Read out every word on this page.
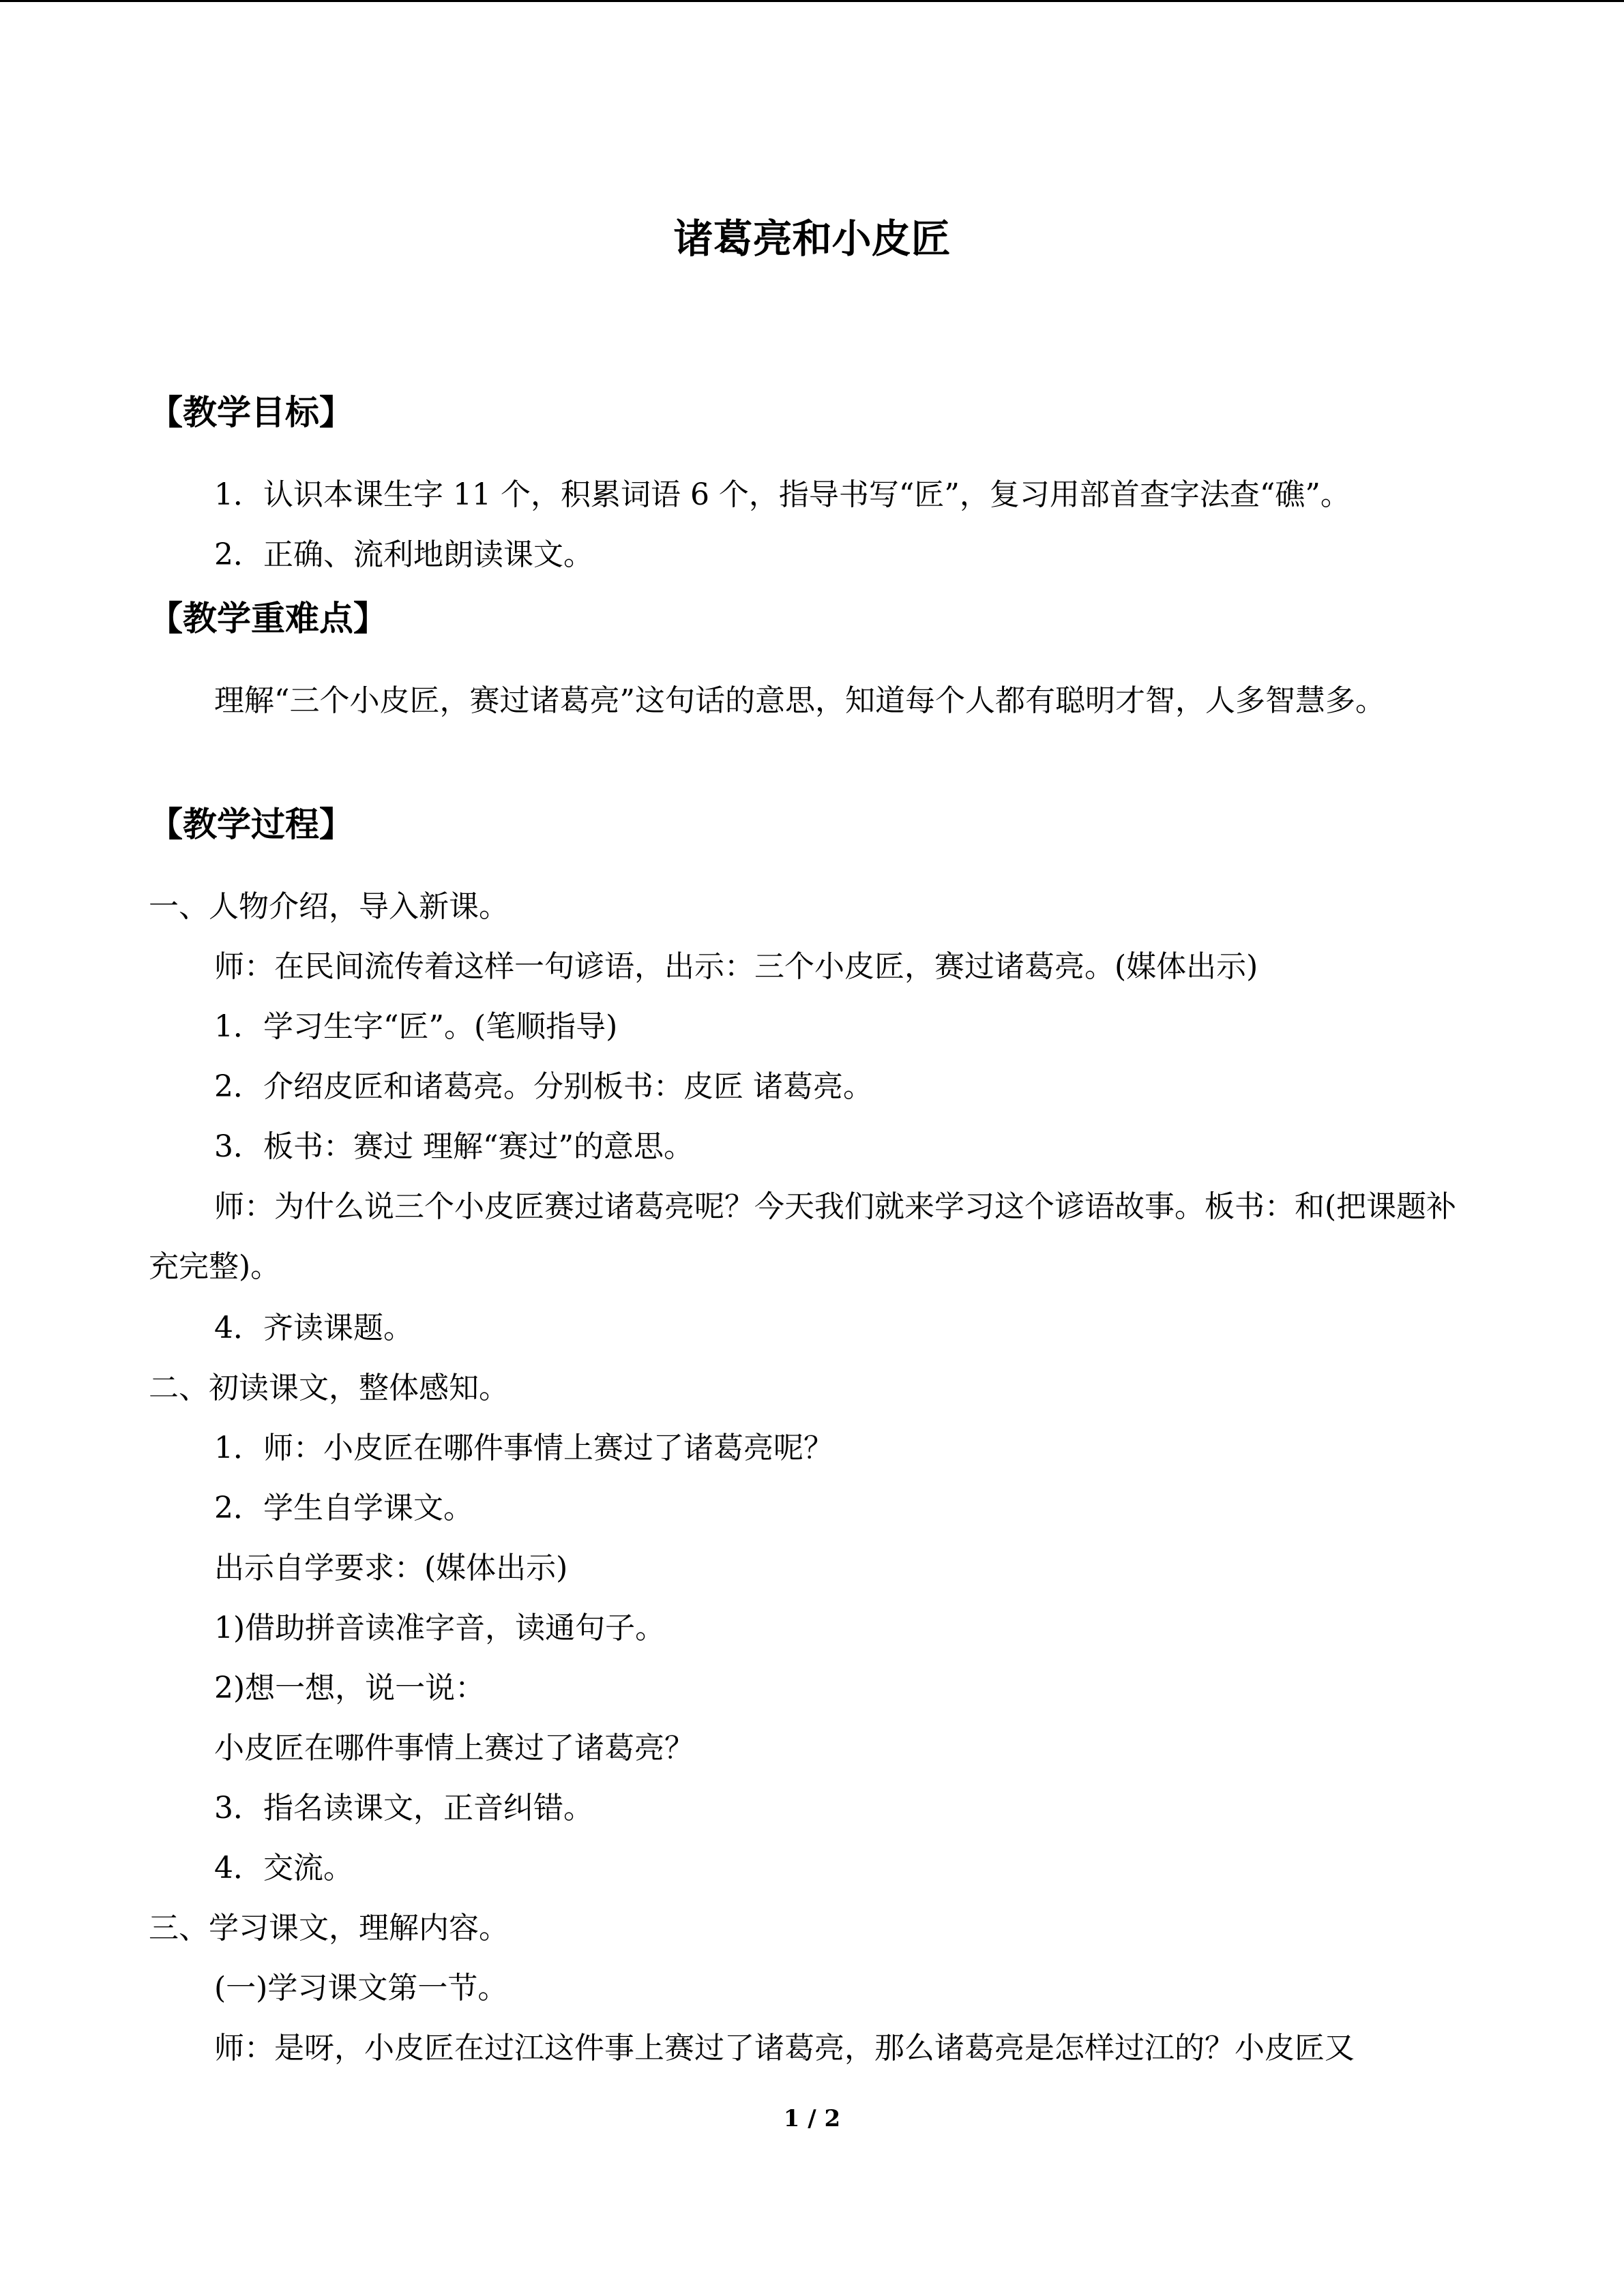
诸葛亮和小皮匠
【教学目标】
1．认识本课生字 11 个，积累词语 6 个，指导书写“匠”，复习用部首查字法查“礁”。
2．正确、流利地朗读课文。
【教学重难点】
理解“三个小皮匠，赛过诸葛亮”这句话的意思，知道每个人都有聪明才智，人多智慧多。
【教学过程】
一、人物介绍，导入新课。
师：在民间流传着这样一句谚语，出示：三个小皮匠，赛过诸葛亮。(媒体出示)
1．学习生字“匠”。(笔顺指导)
2．介绍皮匠和诸葛亮。分别板书：皮匠 诸葛亮。
3．板书：赛过 理解“赛过”的意思。
师：为什么说三个小皮匠赛过诸葛亮呢？今天我们就来学习这个谚语故事。板书：和(把课题补充完整)。
4．齐读课题。
二、初读课文，整体感知。
1．师：小皮匠在哪件事情上赛过了诸葛亮呢？
2．学生自学课文。
出示自学要求：(媒体出示)
1)借助拼音读准字音，读通句子。
2)想一想，说一说：
小皮匠在哪件事情上赛过了诸葛亮？
3．指名读课文，正音纠错。
4．交流。
三、学习课文，理解内容。
(一)学习课文第一节。
师：是呀，小皮匠在过江这件事上赛过了诸葛亮，那么诸葛亮是怎样过江的？小皮匠又
1 / 2
